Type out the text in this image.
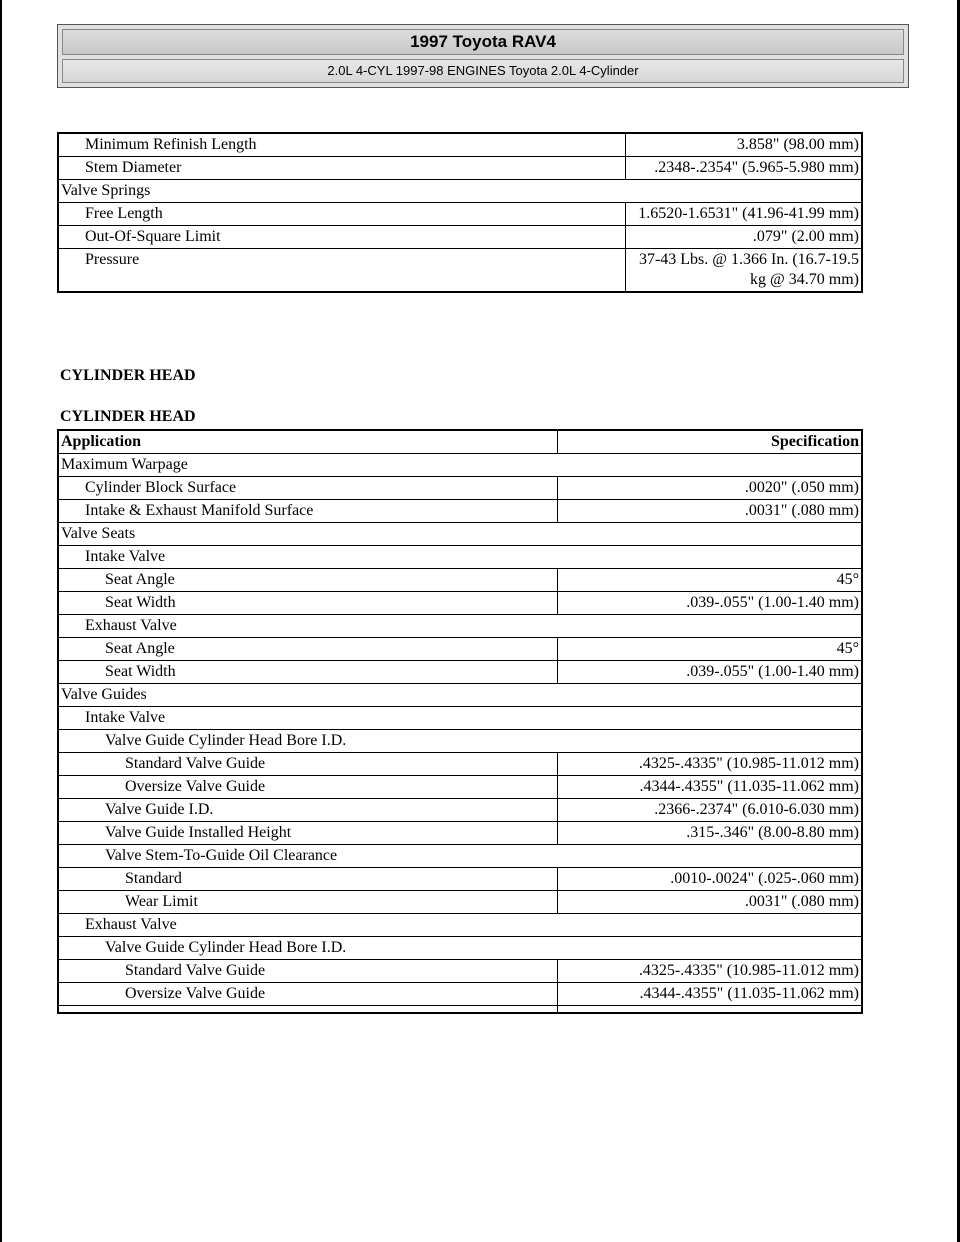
1997 Toyota RAV4
2.0L 4-CYL 1997-98 ENGINES Toyota 2.0L 4-Cylinder
Minimum Refinish Length	3.858" (98.00 mm)
Stem Diameter	.2348-.2354" (5.965-5.980 mm)
Valve Springs	
Free Length	1.6520-1.6531" (41.96-41.99 mm)
Out-Of-Square Limit	.079" (2.00 mm)
Pressure	37-43 Lbs. @ 1.366 In. (16.7-19.5 kg @ 34.70 mm)
CYLINDER HEAD
CYLINDER HEAD
Application	Specification
Maximum Warpage	
Cylinder Block Surface	.0020" (.050 mm)
Intake & Exhaust Manifold Surface	.0031" (.080 mm)
Valve Seats	
Intake Valve	
Seat Angle	45°
Seat Width	.039-.055" (1.00-1.40 mm)
Exhaust Valve	
Seat Angle	45°
Seat Width	.039-.055" (1.00-1.40 mm)
Valve Guides	
Intake Valve	
Valve Guide Cylinder Head Bore I.D.	
Standard Valve Guide	.4325-.4335" (10.985-11.012 mm)
Oversize Valve Guide	.4344-.4355" (11.035-11.062 mm)
Valve Guide I.D.	.2366-.2374" (6.010-6.030 mm)
Valve Guide Installed Height	.315-.346" (8.00-8.80 mm)
Valve Stem-To-Guide Oil Clearance	
Standard	.0010-.0024" (.025-.060 mm)
Wear Limit	.0031" (.080 mm)
Exhaust Valve	
Valve Guide Cylinder Head Bore I.D.	
Standard Valve Guide	.4325-.4335" (10.985-11.012 mm)
Oversize Valve Guide	.4344-.4355" (11.035-11.062 mm)
